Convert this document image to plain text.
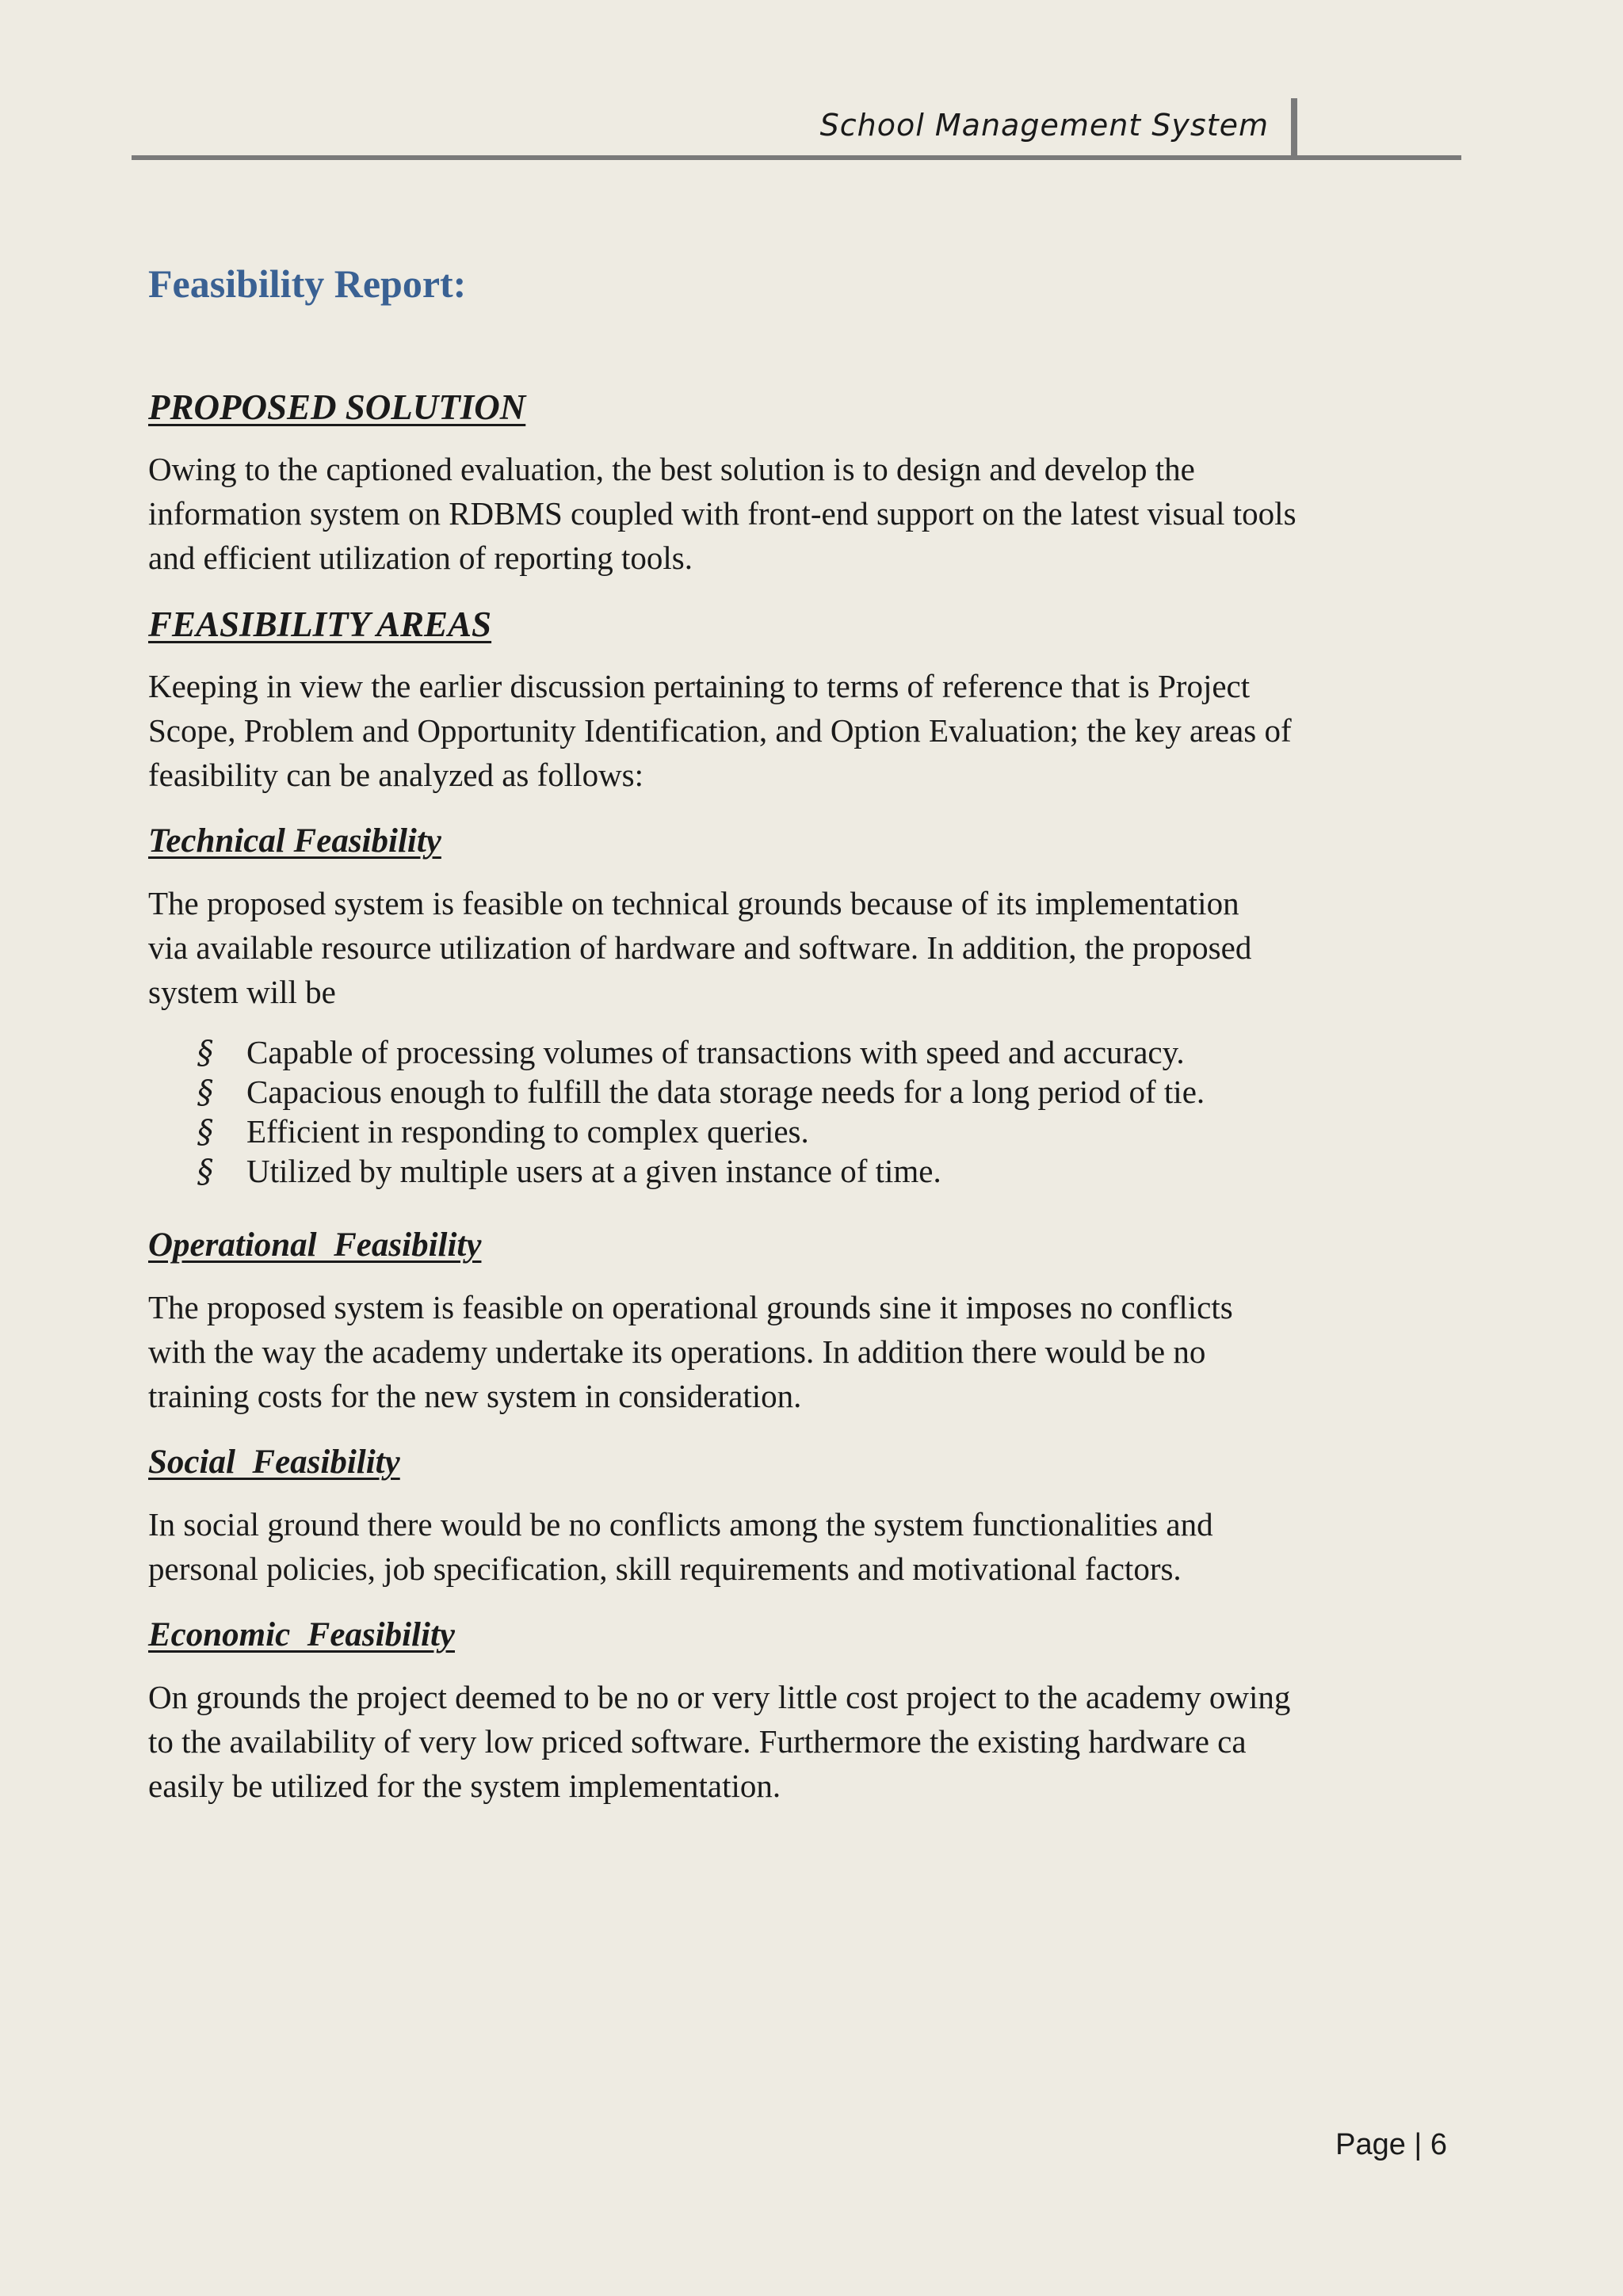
School Management System
Feasibility Report:
PROPOSED SOLUTION

Owing to the captioned evaluation, the best solution is to design and develop the
information system on RDBMS coupled with front-end support on the latest visual tools
and efficient utilization of reporting tools.

FEASIBILITY AREAS

Keeping in view the earlier discussion pertaining to terms of reference that is Project
Scope, Problem and Opportunity Identification, and Option Evaluation; the key areas of
feasibility can be analyzed as follows:

Technical Feasibility

The proposed system is feasible on technical grounds because of its implementation
via available resource utilization of hardware and software. In addition, the proposed
system will be

§	Capable of processing volumes of transactions with speed and accuracy.
§	Capacious enough to fulfill the data storage needs for a long period of tie.
§	Efficient in responding to complex queries.
§	Utilized by multiple users at a given instance of time.
Operational  Feasibility

The proposed system is feasible on operational grounds sine it imposes no conflicts
with the way the academy undertake its operations. In addition there would be no
training costs for the new system in consideration.

Social  Feasibility

In social ground there would be no conflicts among the system functionalities and
personal policies, job specification, skill requirements and motivational factors.

Economic  Feasibility

On grounds the project deemed to be no or very little cost project to the academy owing
to the availability of very low priced software. Furthermore the existing hardware ca
easily be utilized for the system implementation.

Page | 6
